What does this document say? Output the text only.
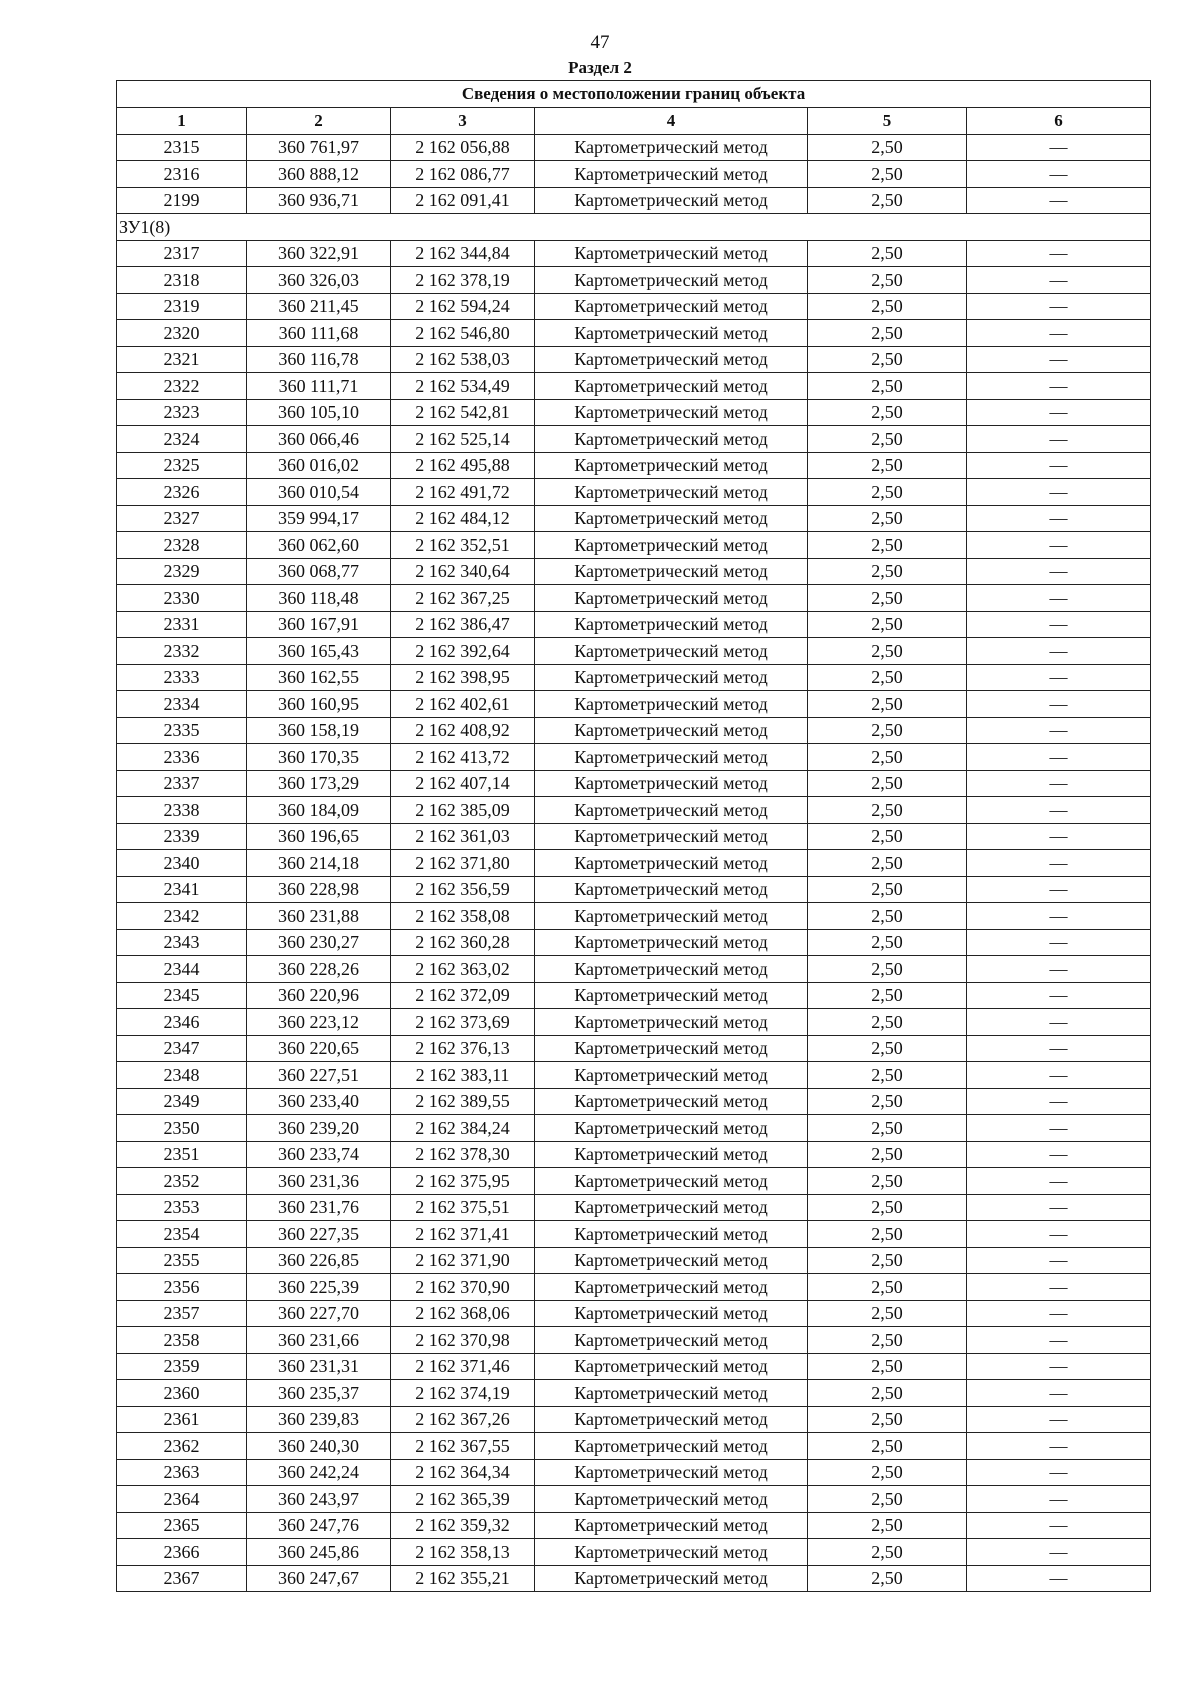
47
Раздел 2
Сведения о местоположении границ объекта					
1	2	3	4	5	6
2315	360 761,97	2 162 056,88	Картометрический метод	2,50	—
2316	360 888,12	2 162 086,77	Картометрический метод	2,50	—
2199	360 936,71	2 162 091,41	Картометрический метод	2,50	—
ЗУ1(8)					
2317	360 322,91	2 162 344,84	Картометрический метод	2,50	—
2318	360 326,03	2 162 378,19	Картометрический метод	2,50	—
2319	360 211,45	2 162 594,24	Картометрический метод	2,50	—
2320	360 111,68	2 162 546,80	Картометрический метод	2,50	—
2321	360 116,78	2 162 538,03	Картометрический метод	2,50	—
2322	360 111,71	2 162 534,49	Картометрический метод	2,50	—
2323	360 105,10	2 162 542,81	Картометрический метод	2,50	—
2324	360 066,46	2 162 525,14	Картометрический метод	2,50	—
2325	360 016,02	2 162 495,88	Картометрический метод	2,50	—
2326	360 010,54	2 162 491,72	Картометрический метод	2,50	—
2327	359 994,17	2 162 484,12	Картометрический метод	2,50	—
2328	360 062,60	2 162 352,51	Картометрический метод	2,50	—
2329	360 068,77	2 162 340,64	Картометрический метод	2,50	—
2330	360 118,48	2 162 367,25	Картометрический метод	2,50	—
2331	360 167,91	2 162 386,47	Картометрический метод	2,50	—
2332	360 165,43	2 162 392,64	Картометрический метод	2,50	—
2333	360 162,55	2 162 398,95	Картометрический метод	2,50	—
2334	360 160,95	2 162 402,61	Картометрический метод	2,50	—
2335	360 158,19	2 162 408,92	Картометрический метод	2,50	—
2336	360 170,35	2 162 413,72	Картометрический метод	2,50	—
2337	360 173,29	2 162 407,14	Картометрический метод	2,50	—
2338	360 184,09	2 162 385,09	Картометрический метод	2,50	—
2339	360 196,65	2 162 361,03	Картометрический метод	2,50	—
2340	360 214,18	2 162 371,80	Картометрический метод	2,50	—
2341	360 228,98	2 162 356,59	Картометрический метод	2,50	—
2342	360 231,88	2 162 358,08	Картометрический метод	2,50	—
2343	360 230,27	2 162 360,28	Картометрический метод	2,50	—
2344	360 228,26	2 162 363,02	Картометрический метод	2,50	—
2345	360 220,96	2 162 372,09	Картометрический метод	2,50	—
2346	360 223,12	2 162 373,69	Картометрический метод	2,50	—
2347	360 220,65	2 162 376,13	Картометрический метод	2,50	—
2348	360 227,51	2 162 383,11	Картометрический метод	2,50	—
2349	360 233,40	2 162 389,55	Картометрический метод	2,50	—
2350	360 239,20	2 162 384,24	Картометрический метод	2,50	—
2351	360 233,74	2 162 378,30	Картометрический метод	2,50	—
2352	360 231,36	2 162 375,95	Картометрический метод	2,50	—
2353	360 231,76	2 162 375,51	Картометрический метод	2,50	—
2354	360 227,35	2 162 371,41	Картометрический метод	2,50	—
2355	360 226,85	2 162 371,90	Картометрический метод	2,50	—
2356	360 225,39	2 162 370,90	Картометрический метод	2,50	—
2357	360 227,70	2 162 368,06	Картометрический метод	2,50	—
2358	360 231,66	2 162 370,98	Картометрический метод	2,50	—
2359	360 231,31	2 162 371,46	Картометрический метод	2,50	—
2360	360 235,37	2 162 374,19	Картометрический метод	2,50	—
2361	360 239,83	2 162 367,26	Картометрический метод	2,50	—
2362	360 240,30	2 162 367,55	Картометрический метод	2,50	—
2363	360 242,24	2 162 364,34	Картометрический метод	2,50	—
2364	360 243,97	2 162 365,39	Картометрический метод	2,50	—
2365	360 247,76	2 162 359,32	Картометрический метод	2,50	—
2366	360 245,86	2 162 358,13	Картометрический метод	2,50	—
2367	360 247,67	2 162 355,21	Картометрический метод	2,50	—
